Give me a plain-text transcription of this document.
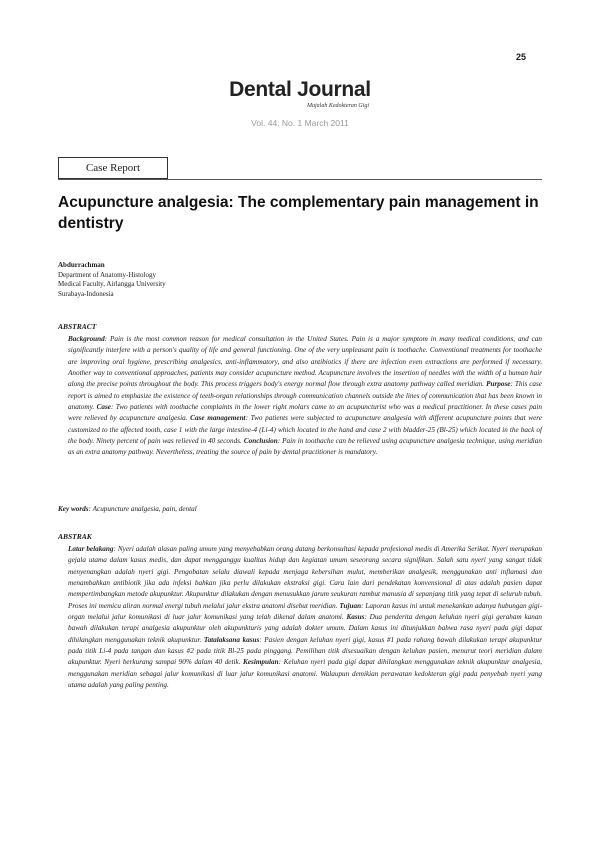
25
Dental Journal
Majalah Kedokteran Gigi
Vol. 44. No. 1 March 2011
Case Report
Acupuncture analgesia: The complementary pain management in dentistry
Abdurrachman
Department of Anatomy-Histology
Medical Faculty, Airlangga University
Surabaya-Indonesia
ABSTRACT
Background: Pain is the most common reason for medical consultation in the United States. Pain is a major symptom in many medical conditions, and can significantly interfere with a person's quality of life and general functioning. One of the very unpleasant pain is toothache. Conventional treatments for toothache are improving oral hygiene, prescribing analgesics, anti-inflammatory, and also antibiotics if there are infection even extractions are performed if necessary. Another way to conventional approaches, patients may consider acupuncture method. Acupuncture involves the insertion of needles with the width of a human hair along the precise points throughout the body. This process triggers body's energy normal flow through extra anatomy pathway called meridian. Purpose: This case report is aimed to emphasize the existence of teeth-organ relationships through communication channels outside the lines of communication that has been known in anatomy. Case: Two patients with toothache complaints in the lower right molars came to an acupuncturist who was a medical practitioner. In these cases pain were relieved by acupuncture analgesia. Case management: Two patients were subjected to acupuncture analgesia with different acupuncture points that were customized to the affected tooth, case 1 with the large intestine-4 (Li-4) which located in the hand and case 2 with bladder-25 (Bl-25) which located in the back of the body. Ninety percent of pain was relieved in 40 seconds. Conclusion: Pain in toothache can be relieved using acupuncture analgesia technique, using meridian as an extra anatomy pathway. Nevertheless, treating the source of pain by dental practitioner is mandatory.
Key words: Acupuncture analgesia, pain, dental
ABSTRAK
Latar belakang: Nyeri adalah alasan paling umum yang menyebabkan orang datang berkonsultasi kepada profesional medis di Amerika Serikat. Nyeri merupakan gejala utama dalam kasus medis, dan dapat mengganggu kualitas hidup dan kegiatan umum seseorang secara signifikan. Salah satu nyeri yang sangat tidak menyenangkan adalah nyeri gigi. Pengobatan selalu diawali kepada menjaga kebersihan mulut, memberikan analgesik, menggunakan anti inflamasi dan menambahkan antibiotik jika ada infeksi bahkan jika perlu dilakukan ekstraksi gigi. Cara lain dari pendekatan konvensional di atas adalah pasien dapat mempertimbangkan metode akupunktur. Akupunktur dilakukan dengan menusukkan jarum seukuran rambut manusia di sepanjang titik yang tepat di seluruh tubuh. Proses ini memicu aliran normal energi tubuh melalui jalur ekstra anatomi disebut meridian. Tujuan: Laporan kasus ini untuk menekankan adanya hubungan gigi-organ melalui jalur komunikasi di luar jalur komunikasi yang telah dikenal dalam anatomi. Kasus: Dua penderita dengan keluhan nyeri gigi geraham kanan bawah dilakukan terapi analgesia akupunktur oleh akupunkturis yang adalah dokter umum. Dalam kasus ini ditunjukkan bahwa rasa nyeri pada gigi dapat dihilangkan menggunakan teknik akupunktur. Tatalaksana kasus: Pasien dengan keluhan nyeri gigi, kasus #1 pada rahang bawah dilakukan terapi akupunktur pada titik Li-4 pada tangan dan kasus #2 pada titik Bl-25 pada pinggang. Pemilihan titik disesuaikan dengan keluhan pasien, menurut teori meridian dalam akupunktur. Nyeri berkurang sampai 90% dalam 40 detik. Kesimpulan: Keluhan nyeri pada gigi dapat dihilangkan menggunakan teknik akupunktur analgesia, menggunakan meridian sebagai jalur komunikasi di luar jalur komunikasi anatomi. Walaupun demikian perawatan kedokteran gigi pada penyebab nyeri yang utama adalah yang paling penting.
